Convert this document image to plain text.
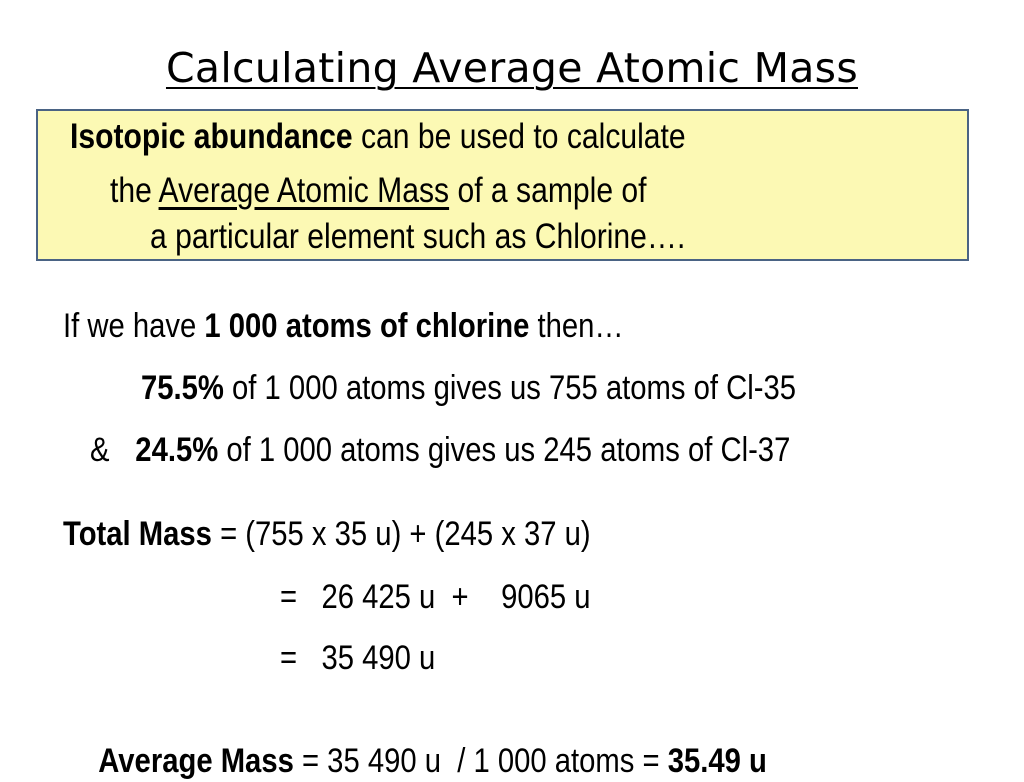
Calculating Average Atomic Mass
Isotopic abundance can be used to calculate
the Average Atomic Mass of a sample of
a particular element such as Chlorine….
If we have 1 000 atoms of chlorine then…
75.5% of 1 000 atoms gives us 755 atoms of Cl-35
& 24.5% of 1 000 atoms gives us 245 atoms of Cl-37
Total Mass = (755 x 35 u) + (245 x 37 u)
=   26 425 u  +    9065 u
=   35 490 u

Average Mass = 35 490 u  / 1 000 atoms = 35.49 u
